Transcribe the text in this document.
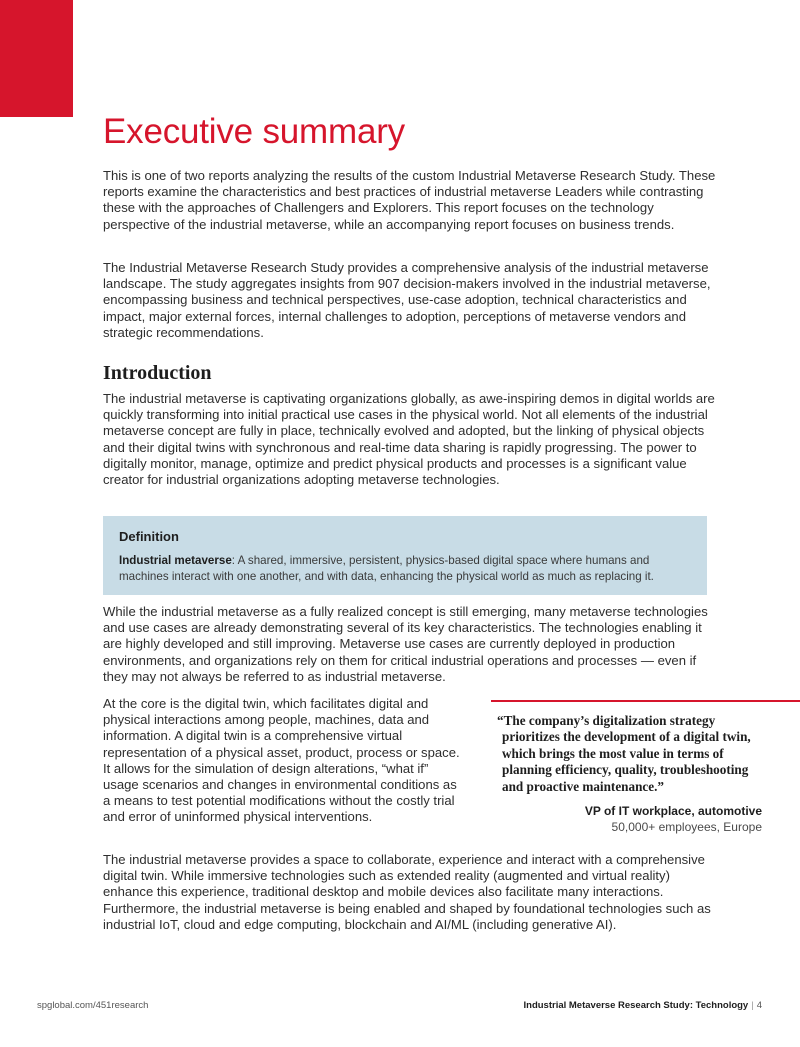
Executive summary

This is one of two reports analyzing the results of the custom Industrial Metaverse Research Study. These reports examine the characteristics and best practices of industrial metaverse Leaders while contrasting these with the approaches of Challengers and Explorers. This report focuses on the technology perspective of the industrial metaverse, while an accompanying report focuses on business trends.

The Industrial Metaverse Research Study provides a comprehensive analysis of the industrial metaverse landscape. The study aggregates insights from 907 decision-makers involved in the industrial metaverse, encompassing business and technical perspectives, use-case adoption, technical characteristics and impact, major external forces, internal challenges to adoption, perceptions of metaverse vendors and strategic recommendations.

Introduction

The industrial metaverse is captivating organizations globally, as awe-inspiring demos in digital worlds are quickly transforming into initial practical use cases in the physical world. Not all elements of the industrial metaverse concept are fully in place, technically evolved and adopted, but the linking of physical objects and their digital twins with synchronous and real-time data sharing is rapidly progressing. The power to digitally monitor, manage, optimize and predict physical products and processes is a significant value creator for industrial organizations adopting metaverse technologies.

Definition

Industrial metaverse: A shared, immersive, persistent, physics-based digital space where humans and machines interact with one another, and with data, enhancing the physical world as much as replacing it.

While the industrial metaverse as a fully realized concept is still emerging, many metaverse technologies and use cases are already demonstrating several of its key characteristics. The technologies enabling it are highly developed and still improving. Metaverse use cases are currently deployed in production environments, and organizations rely on them for critical industrial operations and processes — even if they may not always be referred to as industrial metaverse.

At the core is the digital twin, which facilitates digital and physical interactions among people, machines, data and information. A digital twin is a comprehensive virtual representation of a physical asset, product, process or space. It allows for the simulation of design alterations, “what if” usage scenarios and changes in environmental conditions as a means to test potential modifications without the costly trial and error of uninformed physical interventions.

“The company’s digitalization strategy prioritizes the development of a digital twin, which brings the most value in terms of planning efficiency, quality, troubleshooting and proactive maintenance.”

VP of IT workplace, automotive

50,000+ employees, Europe

The industrial metaverse provides a space to collaborate, experience and interact with a comprehensive digital twin. While immersive technologies such as extended reality (augmented and virtual reality) enhance this experience, traditional desktop and mobile devices also facilitate many interactions. Furthermore, the industrial metaverse is being enabled and shaped by foundational technologies such as industrial IoT, cloud and edge computing, blockchain and AI/ML (including generative AI).

spglobal.com/451research	Industrial Metaverse Research Study: Technology | 4
